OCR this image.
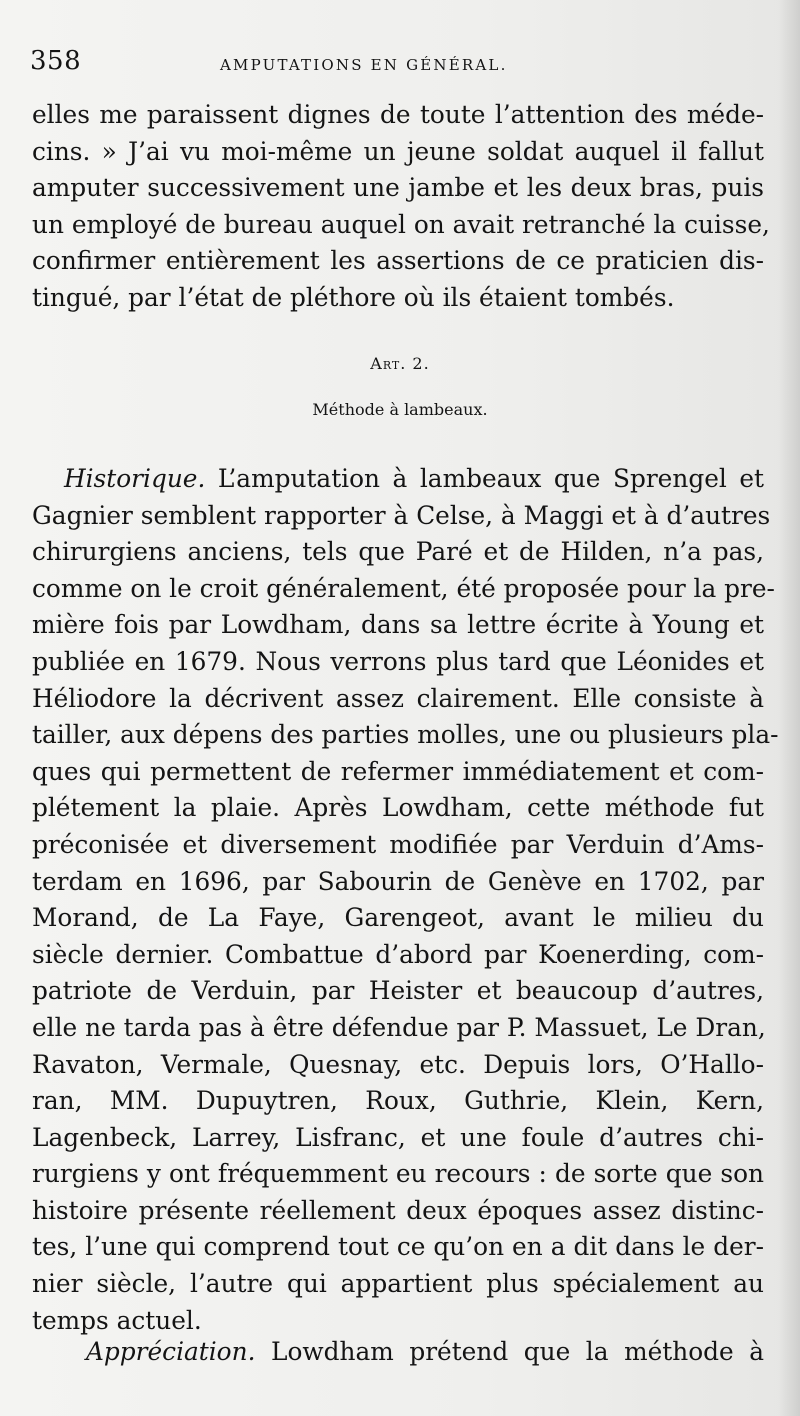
358	AMPUTATIONS EN GÉNÉRAL.
elles me paraissent dignes de toute l’attention des méde-
cins. » J’ai vu moi-même un jeune soldat auquel il fallut
amputer successivement une jambe et les deux bras, puis
un employé de bureau auquel on avait retranché la cuisse,
confirmer entièrement les assertions de ce praticien dis-
tingué, par l’état de pléthore où ils étaient tombés.
Art. 2.
Méthode à lambeaux.
Historique. L’amputation à lambeaux que Sprengel et
Gagnier semblent rapporter à Celse, à Maggi et à d’autres
chirurgiens anciens, tels que Paré et de Hilden, n’a pas,
comme on le croit généralement, été proposée pour la pre-
mière fois par Lowdham, dans sa lettre écrite à Young et
publiée en 1679. Nous verrons plus tard que Léonides et
Héliodore la décrivent assez clairement. Elle consiste à
tailler, aux dépens des parties molles, une ou plusieurs pla-
ques qui permettent de refermer immédiatement et com-
plétement la plaie. Après Lowdham, cette méthode fut
préconisée et diversement modifiée par Verduin d’Ams-
terdam en 1696, par Sabourin de Genève en 1702, par
Morand, de La Faye, Garengeot, avant le milieu du
siècle dernier. Combattue d’abord par Koenerding, com-
patriote de Verduin, par Heister et beaucoup d’autres,
elle ne tarda pas à être défendue par P. Massuet, Le Dran,
Ravaton, Vermale, Quesnay, etc. Depuis lors, O’Hallo-
ran, MM. Dupuytren, Roux, Guthrie, Klein, Kern,
Lagenbeck, Larrey, Lisfranc, et une foule d’autres chi-
rurgiens y ont fréquemment eu recours : de sorte que son
histoire présente réellement deux époques assez distinc-
tes, l’une qui comprend tout ce qu’on en a dit dans le der-
nier siècle, l’autre qui appartient plus spécialement au
temps actuel.
Appréciation. Lowdham prétend que la méthode à
